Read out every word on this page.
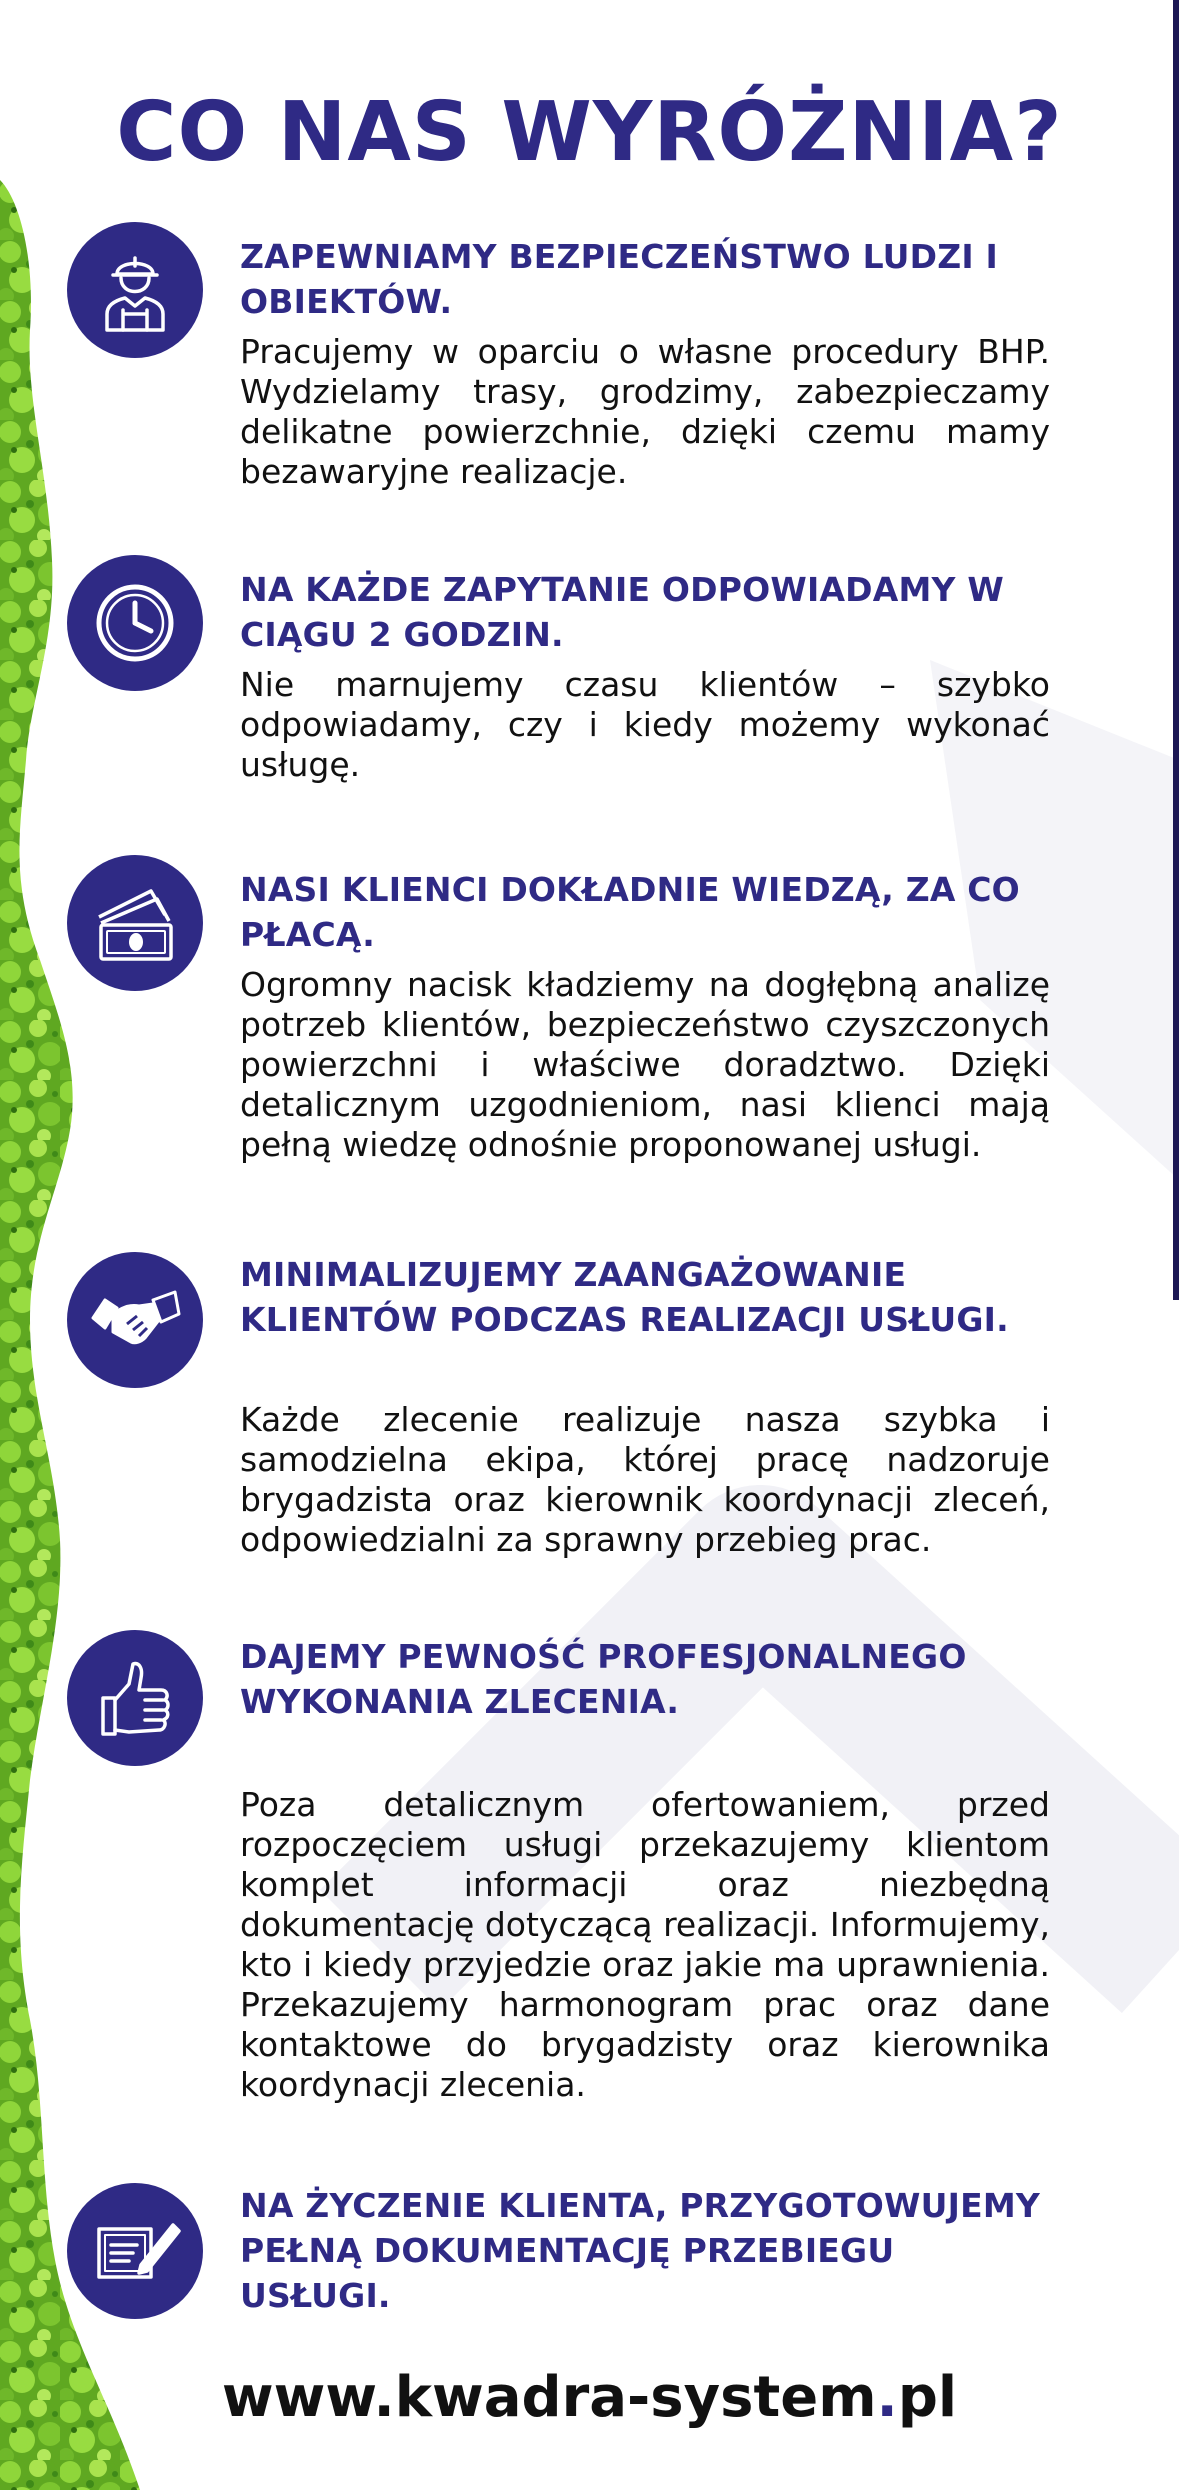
CO NAS WYRÓŻNIA?
ZAPEWNIAMY BEZPIECZEŃSTWO LUDZI I OBIEKTÓW.

Pracujemy w oparciu o własne procedury BHP. Wydzielamy trasy, grodzimy, zabezpieczamy delikatne powierzchnie, dzięki czemu mamy bezawaryjne realizacje.

NA KAŻDE ZAPYTANIE ODPOWIADAMY W CIĄGU 2 GODZIN.

Nie marnujemy czasu klientów – szybko odpowiadamy, czy i kiedy możemy wykonać usługę.

NASI KLIENCI DOKŁADNIE WIEDZĄ, ZA CO PŁACĄ.

Ogromny nacisk kładziemy na dogłębną analizę potrzeb klientów, bezpieczeństwo czyszczonych powierzchni i właściwe doradztwo. Dzięki detalicznym uzgodnieniom, nasi klienci mają pełną wiedzę odnośnie proponowanej usługi.

MINIMALIZUJEMY ZAANGAŻOWANIE KLIENTÓW PODCZAS REALIZACJI USŁUGI.

Każde zlecenie realizuje nasza szybka i samodzielna ekipa, której pracę nadzoruje brygadzista oraz kierownik koordynacji zleceń, odpowiedzialni za sprawny przebieg prac.

DAJEMY PEWNOŚĆ PROFESJONALNEGO WYKONANIA ZLECENIA.

Poza detalicznym ofertowaniem, przed rozpoczęciem usługi przekazujemy klientom komplet informacji oraz niezbędną dokumentację dotyczącą realizacji. Informujemy, kto i kiedy przyjedzie oraz jakie ma uprawnienia. Przekazujemy harmonogram prac oraz dane kontaktowe do brygadzisty oraz kierownika koordynacji zlecenia.

NA ŻYCZENIE KLIENTA, PRZYGOTOWUJEMY PEŁNĄ DOKUMENTACJĘ PRZEBIEGU USŁUGI.

www.kwadra-system.pl
